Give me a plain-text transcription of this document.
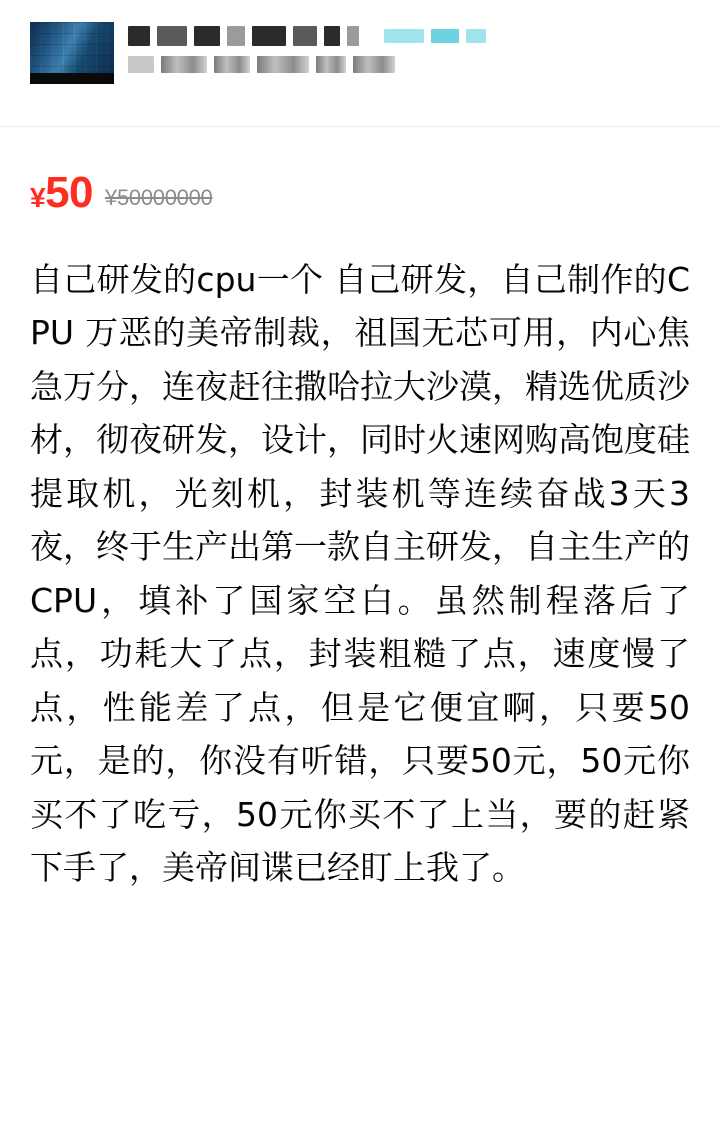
¥50 ¥50000000
自己研发的cpu一个 自己研发，自己制作的CPU 万恶的美帝制裁，祖国无芯可用，内心焦急万分，连夜赶往撒哈拉大沙漠，精选优质沙材，彻夜研发，设计，同时火速网购高饱度硅提取机，光刻机，封装机等连续奋战3天3夜，终于生产出第一款自主研发，自主生产的CPU，填补了国家空白。虽然制程落后了点，功耗大了点，封装粗糙了点，速度慢了点，性能差了点，但是它便宜啊，只要50元，是的，你没有听错，只要50元，50元你买不了吃亏，50元你买不了上当，要的赶紧下手了，美帝间谍已经盯上我了。
